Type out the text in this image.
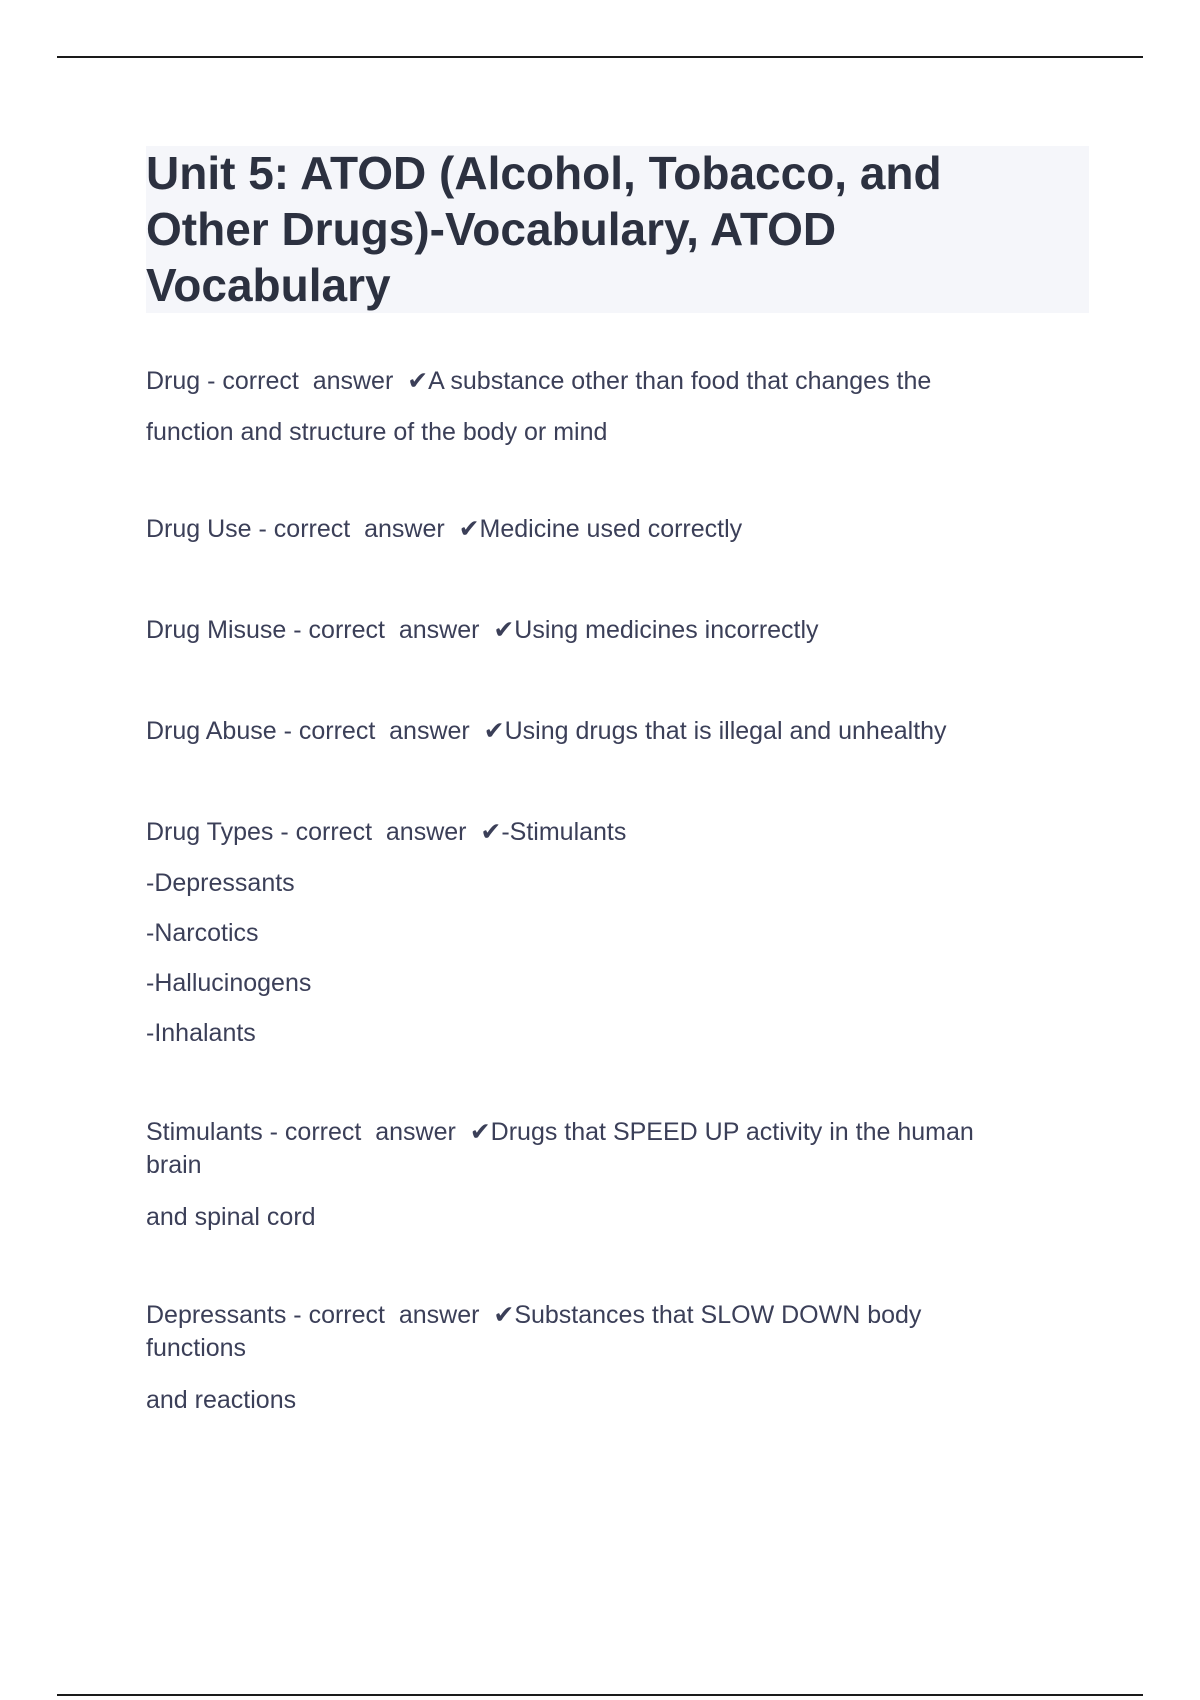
Unit 5: ATOD (Alcohol, Tobacco, and Other Drugs)-Vocabulary, ATOD Vocabulary
Drug - correct  answer  ✔A substance other than food that changes the
function and structure of the body or mind
Drug Use - correct  answer  ✔Medicine used correctly
Drug Misuse - correct  answer  ✔Using medicines incorrectly
Drug Abuse - correct  answer  ✔Using drugs that is illegal and unhealthy
Drug Types - correct  answer  ✔-Stimulants
-Depressants
-Narcotics
-Hallucinogens
-Inhalants
Stimulants - correct  answer  ✔Drugs that SPEED UP activity in the human
brain
and spinal cord
Depressants - correct  answer  ✔Substances that SLOW DOWN body
functions
and reactions
